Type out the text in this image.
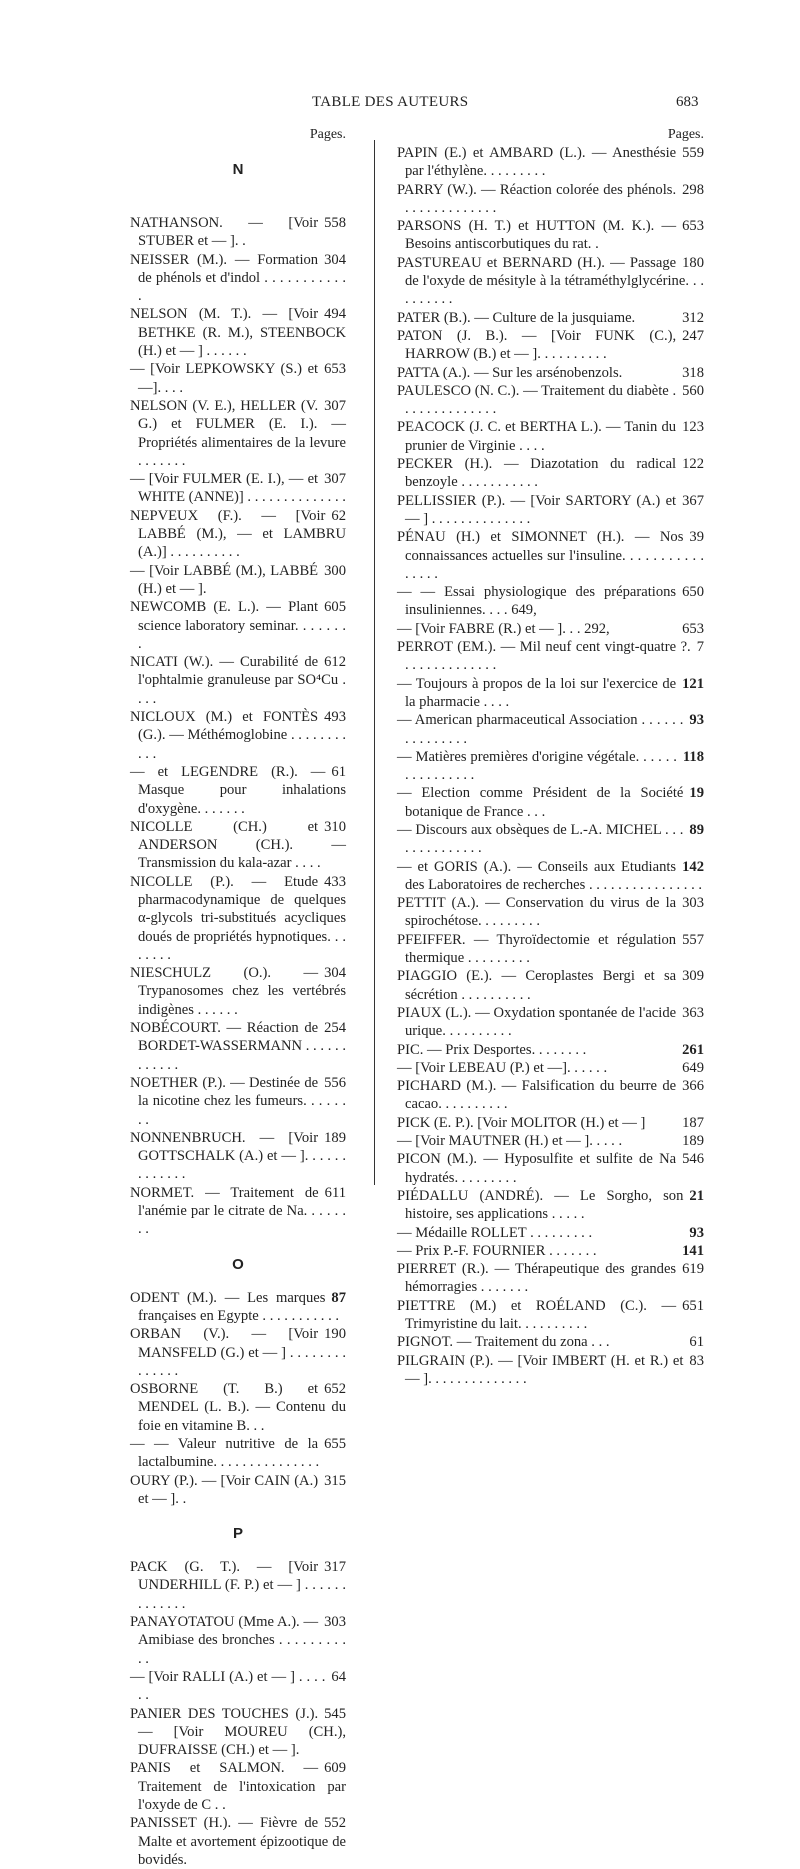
TABLE DES AUTEURS	683
Pages.
N
558
NATHANSON. — [Voir STUBER et — ]. .
304
NEISSER (M.). — Formation de phénols et d'indol . . . . . . . . . . . .
494
NELSON (M. T.). — [Voir BETHKE (R. M.), STEENBOCK (H.) et — ] . . . . . .
653
— [Voir LEPKOWSKY (S.) et —]. . . .
307
NELSON (V. E.), HELLER (V. G.) et FULMER (E. I.). — Propriétés alimentaires de la levure . . . . . . .
307
— [Voir FULMER (E. I.), — et WHITE (ANNE)] . . . . . . . . . . . . . .
62
NEPVEUX (F.). — [Voir LABBÉ (M.), — et LAMBRU (A.)] . . . . . . . . . .
300
— [Voir LABBÉ (M.), LABBÉ (H.) et — ].
605
NEWCOMB (E. L.). — Plant science laboratory seminar. . . . . . . .
612
NICATI (W.). — Curabilité de l'ophtalmie granuleuse par SO⁴Cu . . . .
493
NICLOUX (M.) et FONTÈS (G.). — Méthémoglobine . . . . . . . . . . .
61
— et LEGENDRE (R.). — Masque pour inhalations d'oxygène. . . . . . .
310
NICOLLE (CH.) et ANDERSON (CH.). — Transmission du kala-azar . . . .
433
NICOLLE (P.). — Etude pharmacodynamique de quelques α-glycols tri-substitués acycliques doués de propriétés hypnotiques. . . . . . . .
304
NIESCHULZ (O.). — Trypanosomes chez les vertébrés indigènes . . . . . .
254
NOBÉCOURT. — Réaction de BORDET-WASSERMANN . . . . . . . . . . . .
556
NOETHER (P.). — Destinée de la nicotine chez les fumeurs. . . . . . . .
189
NONNENBRUCH. — [Voir GOTTSCHALK (A.) et — ]. . . . . . . . . . . . .
611
NORMET. — Traitement de l'anémie par le citrate de Na. . . . . . . .
O
87
ODENT (M.). — Les marques françaises en Egypte . . . . . . . . . . .
190
ORBAN (V.). — [Voir MANSFELD (G.) et — ] . . . . . . . . . . . . . .
652
OSBORNE (T. B.) et MENDEL (L. B.). — Contenu du foie en vitamine B. . .
655
— — Valeur nutritive de la lactalbumine. . . . . . . . . . . . . . .
315
OURY (P.). — [Voir CAIN (A.) et — ]. .
P
317
PACK (G. T.). — [Voir UNDERHILL (F. P.) et — ] . . . . . . . . . . . . .
303
PANAYOTATOU (Mme A.). — Amibiase des bronches . . . . . . . . . . .
64
— [Voir RALLI (A.) et — ] . . . . . .
545
PANIER DES TOUCHES (J.). — [Voir MOUREU (CH.), DUFRAISSE (CH.) et — ].
609
PANIS et SALMON. — Traitement de l'intoxication par l'oxyde de C . .
552
PANISSET (H.). — Fièvre de Malte et avortement épizootique de bovidés.
Pages.
559
PAPIN (E.) et AMBARD (L.). — Anesthésie par l'éthylène. . . . . . . . .
298
PARRY (W.). — Réaction colorée des phénols. . . . . . . . . . . . . .
653
PARSONS (H. T.) et HUTTON (M. K.). — Besoins antiscorbutiques du rat. .
180
PASTUREAU et BERNARD (H.). — Passage de l'oxyde de mésityle à la tétraméthylglycérine. . . . . . . . . .
312
PATER (B.). — Culture de la jusquiame.
247
PATON (J. B.). — [Voir FUNK (C.), HARROW (B.) et — ]. . . . . . . . . .
318
PATTA (A.). — Sur les arsénobenzols.
560
PAULESCO (N. C.). — Traitement du diabète . . . . . . . . . . . . . .
123
PEACOCK (J. C. et BERTHA L.). — Tanin du prunier de Virginie . . . .
122
PECKER (H.). — Diazotation du radical benzoyle . . . . . . . . . . .
367
PELLISSIER (P.). — [Voir SARTORY (A.) et — ] . . . . . . . . . . . . . .
39
PÉNAU (H.) et SIMONNET (H.). — Nos connaissances actuelles sur l'insuline. . . . . . . . . . . . . . . .
650
— — Essai physiologique des préparations insuliniennes. . . . 649,
653
— [Voir FABRE (R.) et — ]. . . 292,
7
PERROT (EM.). — Mil neuf cent vingt-quatre ?. . . . . . . . . . . . . .
121
— Toujours à propos de la loi sur l'exercice de la pharmacie . . . .
93
— American pharmaceutical Association . . . . . . . . . . . . . . .
118
— Matières premières d'origine végétale. . . . . . . . . . . . . . . .
19
— Election comme Président de la Société botanique de France . . .
89
— Discours aux obsèques de L.-A. MICHEL . . . . . . . . . . . . . .
142
— et GORIS (A.). — Conseils aux Etudiants des Laboratoires de recherches . . . . . . . . . . . . . . . .
303
PETTIT (A.). — Conservation du virus de la spirochétose. . . . . . . . .
557
PFEIFFER. — Thyroïdectomie et régulation thermique . . . . . . . . .
309
PIAGGIO (E.). — Ceroplastes Bergi et sa sécrétion . . . . . . . . . .
363
PIAUX (L.). — Oxydation spontanée de l'acide urique. . . . . . . . . .
261
PIC. — Prix Desportes. . . . . . . .
649
— [Voir LEBEAU (P.) et —]. . . . . .
366
PICHARD (M.). — Falsification du beurre de cacao. . . . . . . . . .
187
PICK (E. P.). [Voir MOLITOR (H.) et — ]
189
— [Voir MAUTNER (H.) et — ]. . . . .
546
PICON (M.). — Hyposulfite et sulfite de Na hydratés. . . . . . . . .
21
PIÉDALLU (ANDRÉ). — Le Sorgho, son histoire, ses applications . . . . .
93
— Médaille ROLLET . . . . . . . . .
141
— Prix P.-F. FOURNIER . . . . . . .
619
PIERRET (R.). — Thérapeutique des grandes hémorragies . . . . . . .
651
PIETTRE (M.) et ROÉLAND (C.). — Trimyristine du lait. . . . . . . . . .
61
PIGNOT. — Traitement du zona . . .
83
PILGRAIN (P.). — [Voir IMBERT (H. et R.) et — ]. . . . . . . . . . . . . .
